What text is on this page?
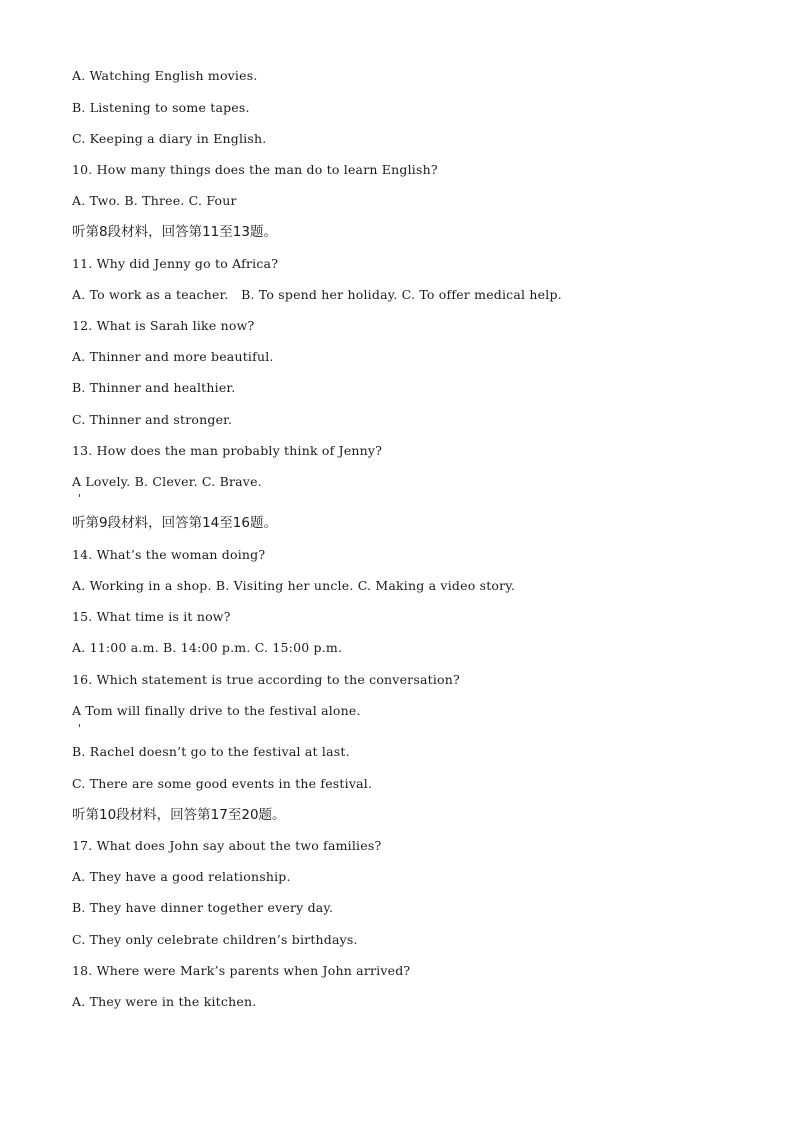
A. Watching English movies.
B. Listening to some tapes.
C. Keeping a diary in English.
10. How many things does the man do to learn English?
A. Two. B. Three. C. Four
听第8段材料，回答第11至13题。
11. Why did Jenny go to Africa?
A. To work as a teacher.   B. To spend her holiday. C. To offer medical help.
12. What is Sarah like now?
A. Thinner and more beautiful.
B. Thinner and healthier.
C. Thinner and stronger.
13. How does the man probably think of Jenny?
A Lovely. B. Clever. C. Brave.
听第9段材料，回答第14至16题。
14. What’s the woman doing?
A. Working in a shop. B. Visiting her uncle. C. Making a video story.
15. What time is it now?
A. 11:00 a.m. B. 14:00 p.m. C. 15:00 p.m.
16. Which statement is true according to the conversation?
A Tom will finally drive to the festival alone.
B. Rachel doesn’t go to the festival at last.
C. There are some good events in the festival.
听第10段材料，回答第17至20题。
17. What does John say about the two families?
A. They have a good relationship.
B. They have dinner together every day.
C. They only celebrate children’s birthdays.
18. Where were Mark’s parents when John arrived?
A. They were in the kitchen.
